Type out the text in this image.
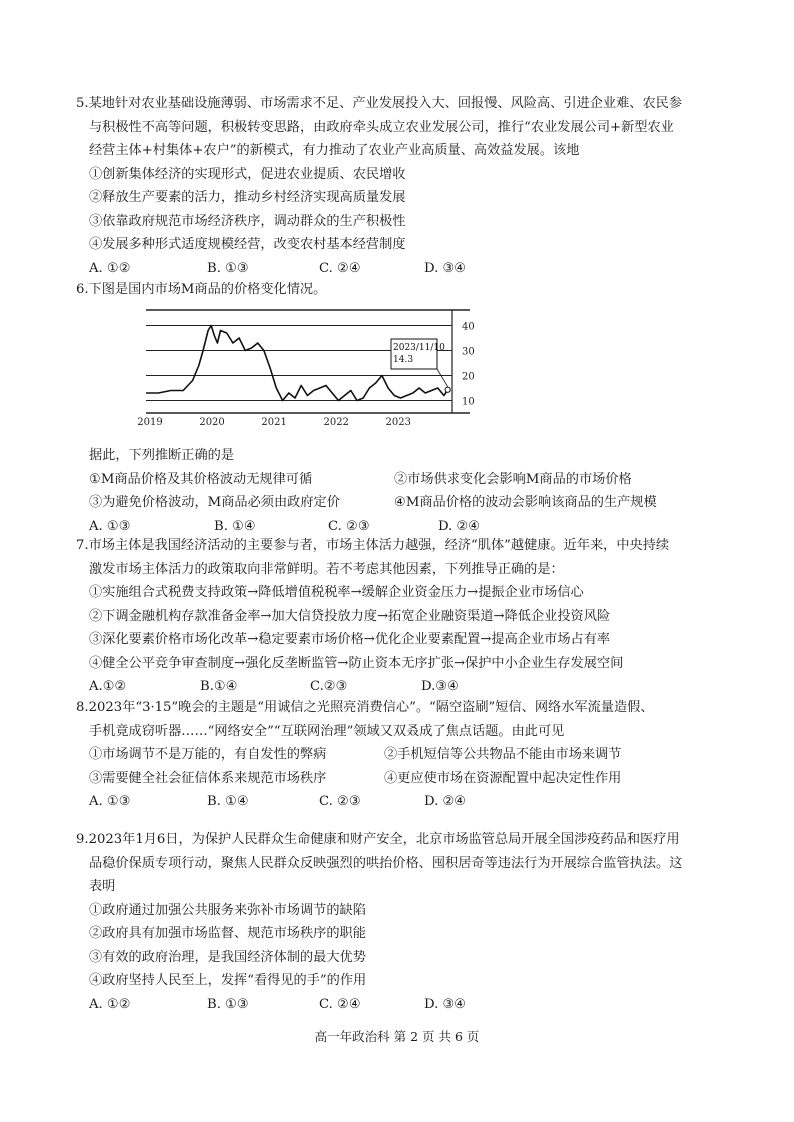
5.某地针对农业基础设施薄弱、市场需求不足、产业发展投入大、回报慢、风险高、引进企业难、农民参
与积极性不高等问题，积极转变思路，由政府牵头成立农业发展公司，推行“农业发展公司+新型农业
经营主体+村集体+农户”的新模式，有力推动了农业产业高质量、高效益发展。该地
①创新集体经济的实现形式，促进农业提质、农民增收
②释放生产要素的活力，推动乡村经济实现高质量发展
③依靠政府规范市场经济秩序，调动群众的生产积极性
④发展多种形式适度规模经营，改变农村基本经营制度
A. ①②	B. ①③	C. ②④	D. ③④
6.下图是国内市场M商品的价格变化情况。
10
20
30
40
2019	2020	2021	2022	2023
2023/11/10
14.3
据此，下列推断正确的是
①M商品价格及其价格波动无规律可循	②市场供求变化会影响M商品的市场价格
③为避免价格波动，M商品必须由政府定价	④M商品价格的波动会影响该商品的生产规模
A. ①③	B. ①④	C. ②③	D. ②④
7.市场主体是我国经济活动的主要参与者，市场主体活力越强，经济“肌体”越健康。近年来，中央持续
激发市场主体活力的政策取向非常鲜明。若不考虑其他因素，下列推导正确的是：
①实施组合式税费支持政策→降低增值税税率→缓解企业资金压力→提振企业市场信心
②下调金融机构存款准备金率→加大信贷投放力度→拓宽企业融资渠道→降低企业投资风险
③深化要素价格市场化改革→稳定要素市场价格→优化企业要素配置→提高企业市场占有率
④健全公平竞争审查制度→强化反垄断监管→防止资本无序扩张→保护中小企业生存发展空间
A.①②	B.①④	C.②③	D.③④
8.2023年“3·15”晚会的主题是“用诚信之光照亮消费信心”。“隔空盗刷”短信、网络水军流量造假、
手机竟成窃听器……“网络安全”“互联网治理”领域又双叒成了焦点话题。由此可见
①市场调节不是万能的，有自发性的弊病	②手机短信等公共物品不能由市场来调节
③需要健全社会征信体系来规范市场秩序	④更应使市场在资源配置中起决定性作用
A. ①③	B. ①④	C. ②③	D. ②④
9.2023年1月6日，为保护人民群众生命健康和财产安全，北京市场监管总局开展全国涉疫药品和医疗用
品稳价保质专项行动，聚焦人民群众反映强烈的哄抬价格、囤积居奇等违法行为开展综合监管执法。这
表明
①政府通过加强公共服务来弥补市场调节的缺陷
②政府具有加强市场监督、规范市场秩序的职能
③有效的政府治理，是我国经济体制的最大优势
④政府坚持人民至上，发挥“看得见的手”的作用
A. ①②	B. ①③	C. ②④	D. ③④
高一年政治科 第 2 页 共 6 页
